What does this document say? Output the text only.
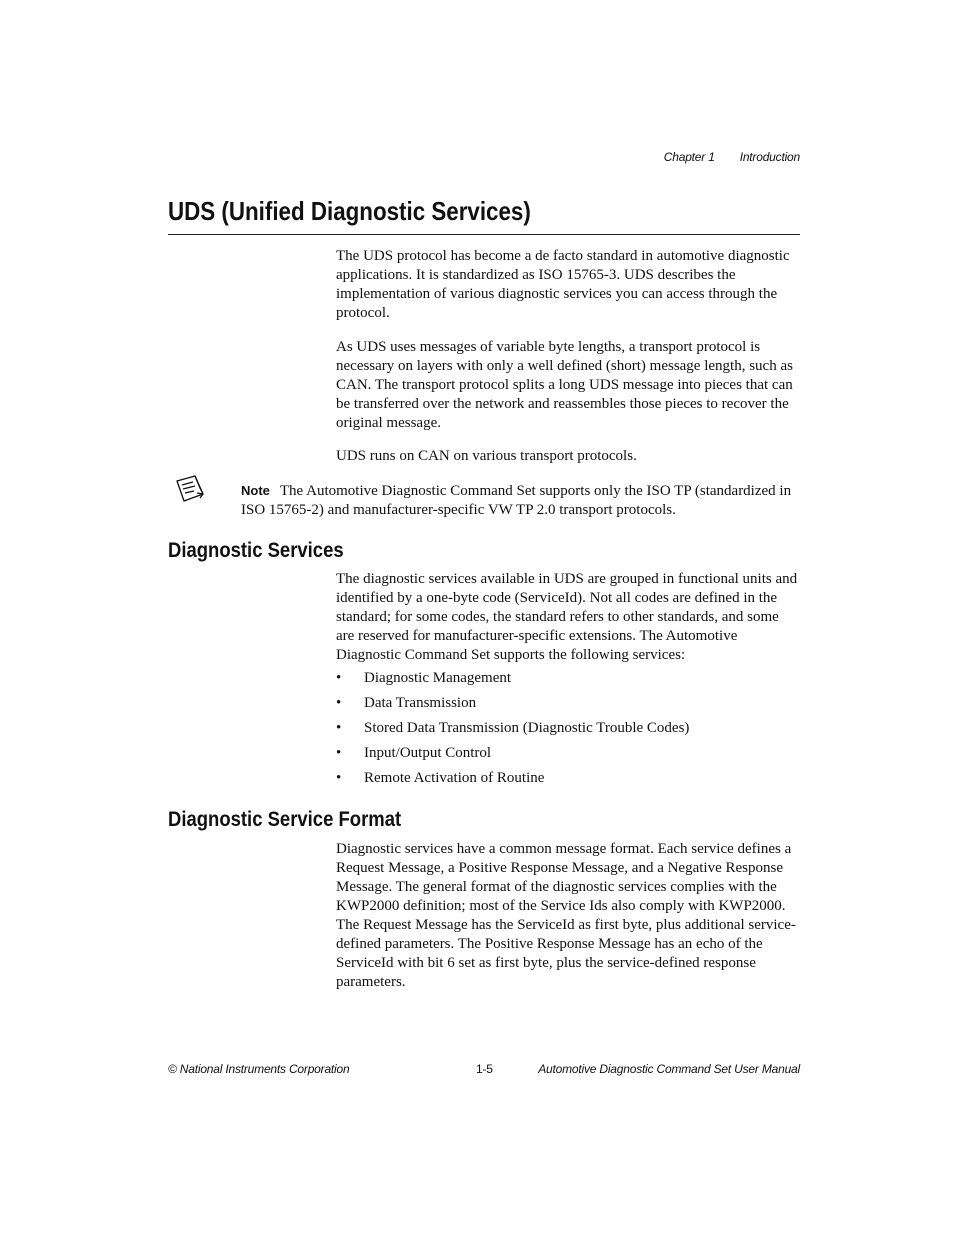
Chapter 1 Introduction
UDS (Unified Diagnostic Services)

The UDS protocol has become a de facto standard in automotive diagnostic applications. It is standardized as ISO 15765-3. UDS describes the implementation of various diagnostic services you can access through the protocol.

As UDS uses messages of variable byte lengths, a transport protocol is necessary on layers with only a well defined (short) message length, such as CAN. The transport protocol splits a long UDS message into pieces that can be transferred over the network and reassembles those pieces to recover the original message.

UDS runs on CAN on various transport protocols.

Note The Automotive Diagnostic Command Set supports only the ISO TP (standardized in ISO 15765-2) and manufacturer-specific VW TP 2.0 transport protocols.
Diagnostic Services

The diagnostic services available in UDS are grouped in functional units and identified by a one-byte code (ServiceId). Not all codes are defined in the standard; for some codes, the standard refers to other standards, and some are reserved for manufacturer-specific extensions. The Automotive Diagnostic Command Set supports the following services:

• Diagnostic Management
• Data Transmission
• Stored Data Transmission (Diagnostic Trouble Codes)
• Input/Output Control
• Remote Activation of Routine
Diagnostic Service Format

Diagnostic services have a common message format. Each service defines a Request Message, a Positive Response Message, and a Negative Response Message. The general format of the diagnostic services complies with the KWP2000 definition; most of the Service Ids also comply with KWP2000. The Request Message has the ServiceId as first byte, plus additional service-defined parameters. The Positive Response Message has an echo of the ServiceId with bit 6 set as first byte, plus the service-defined response parameters.

© National Instruments Corporation	1-5	Automotive Diagnostic Command Set User Manual
